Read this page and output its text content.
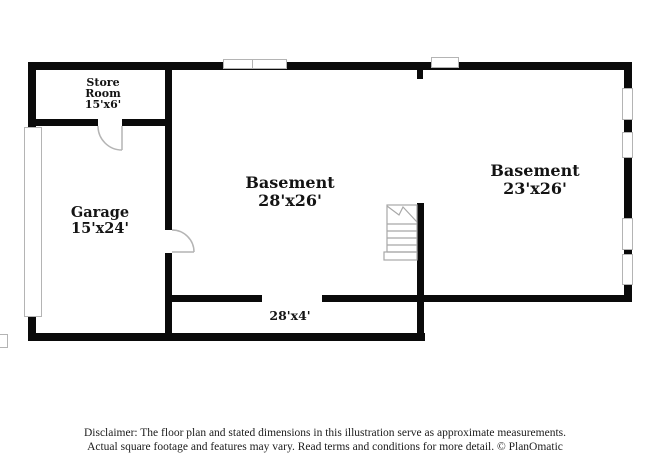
Store
Room
15'x6'
Garage
15'x24'
Basement
28'x26'
Basement
23'x26'
28'x4'
Disclaimer: The floor plan and stated dimensions in this illustration serve as approximate measurements.
Actual square footage and features may vary. Read terms and conditions for more detail. © PlanOmatic
